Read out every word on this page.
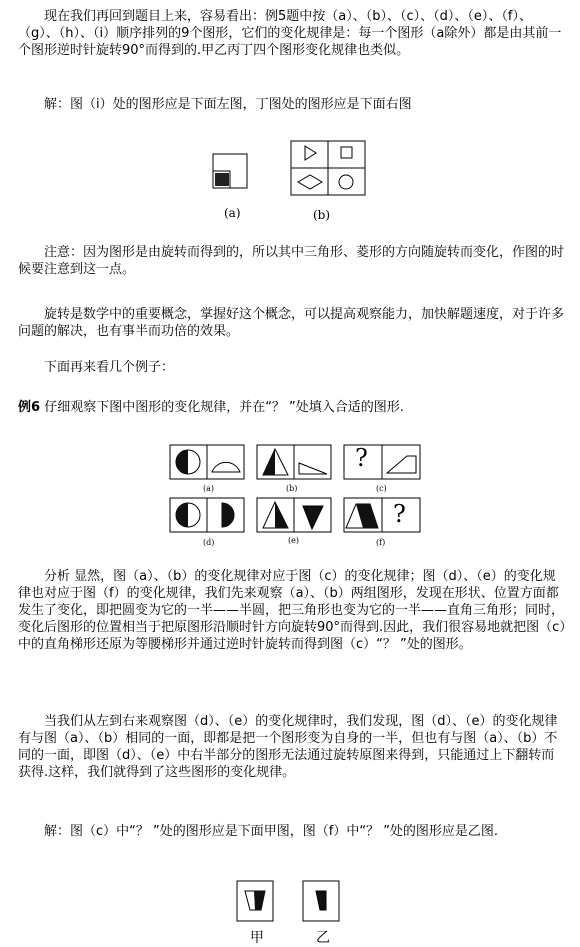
现在我们再回到题目上来，容易看出：例5题中按（a）、（b）、（c）、（d）、（e）、（f）、（g）、（h）、（i）顺序排列的9个图形，它们的变化规律是：每一个图形（a除外）都是由其前一个图形逆时针旋转90°而得到的.甲乙丙丁四个图形变化规律也类似。

解：图（i）处的图形应是下面左图，丁图处的图形应是下面右图

(a)	(b)

注意：因为图形是由旋转而得到的，所以其中三角形、菱形的方向随旋转而变化，作图的时候要注意到这一点。

旋转是数学中的重要概念，掌握好这个概念，可以提高观察能力，加快解题速度，对于许多问题的解决，也有事半而功倍的效果。

下面再来看几个例子：

例6 仔细观察下图中图形的变化规律，并在“？ ”处填入合适的图形.

?
(a)	(b)	(c)
?
(d)	(e)	(f)

分析 显然，图（a）、（b）的变化规律对应于图（c）的变化规律；图（d）、（e）的变化规律也对应于图（f）的变化规律，我们先来观察（a）、（b）两组图形，发现在形状、位置方面都发生了变化，即把圆变为它的一半——半圆，把三角形也变为它的一半——直角三角形；同时，变化后图形的位置相当于把原图形沿顺时针方向旋转90°而得到.因此，我们很容易地就把图（c）中的直角梯形还原为等腰梯形并通过逆时针旋转而得到图（c）“？ ”处的图形。

当我们从左到右来观察图（d）、（e）的变化规律时，我们发现，图（d）、（e）的变化规律有与图（a）、（b）相同的一面，即都是把一个图形变为自身的一半，但也有与图（a）、（b）不同的一面，即图（d）、（e）中右半部分的图形无法通过旋转原图来得到，只能通过上下翻转而获得.这样，我们就得到了这些图形的变化规律。

解：图（c）中“？ ”处的图形应是下面甲图，图（f）中“？ ”处的图形应是乙图.

甲	乙
